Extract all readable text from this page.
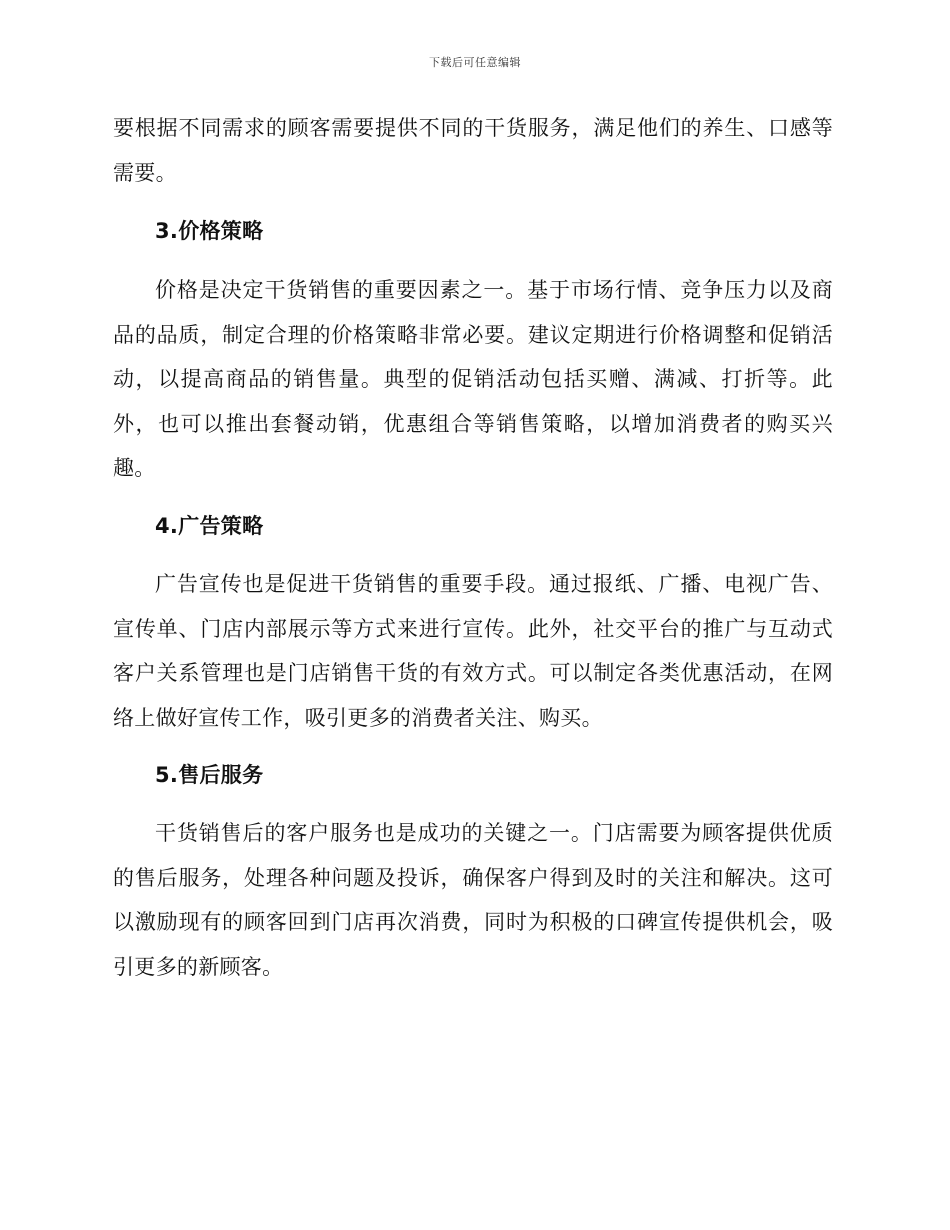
下载后可任意编辑

要根据不同需求的顾客需要提供不同的干货服务，满足他们的养生、口感等需要。

3.价格策略

价格是决定干货销售的重要因素之一。基于市场行情、竞争压力以及商品的品质，制定合理的价格策略非常必要。建议定期进行价格调整和促销活动，以提高商品的销售量。典型的促销活动包括买赠、满减、打折等。此外，也可以推出套餐动销，优惠组合等销售策略，以增加消费者的购买兴趣。

4.广告策略

广告宣传也是促进干货销售的重要手段。通过报纸、广播、电视广告、宣传单、门店内部展示等方式来进行宣传。此外，社交平台的推广与互动式客户关系管理也是门店销售干货的有效方式。可以制定各类优惠活动，在网络上做好宣传工作，吸引更多的消费者关注、购买。

5.售后服务

干货销售后的客户服务也是成功的关键之一。门店需要为顾客提供优质的售后服务，处理各种问题及投诉，确保客户得到及时的关注和解决。这可以激励现有的顾客回到门店再次消费，同时为积极的口碑宣传提供机会，吸引更多的新顾客。
